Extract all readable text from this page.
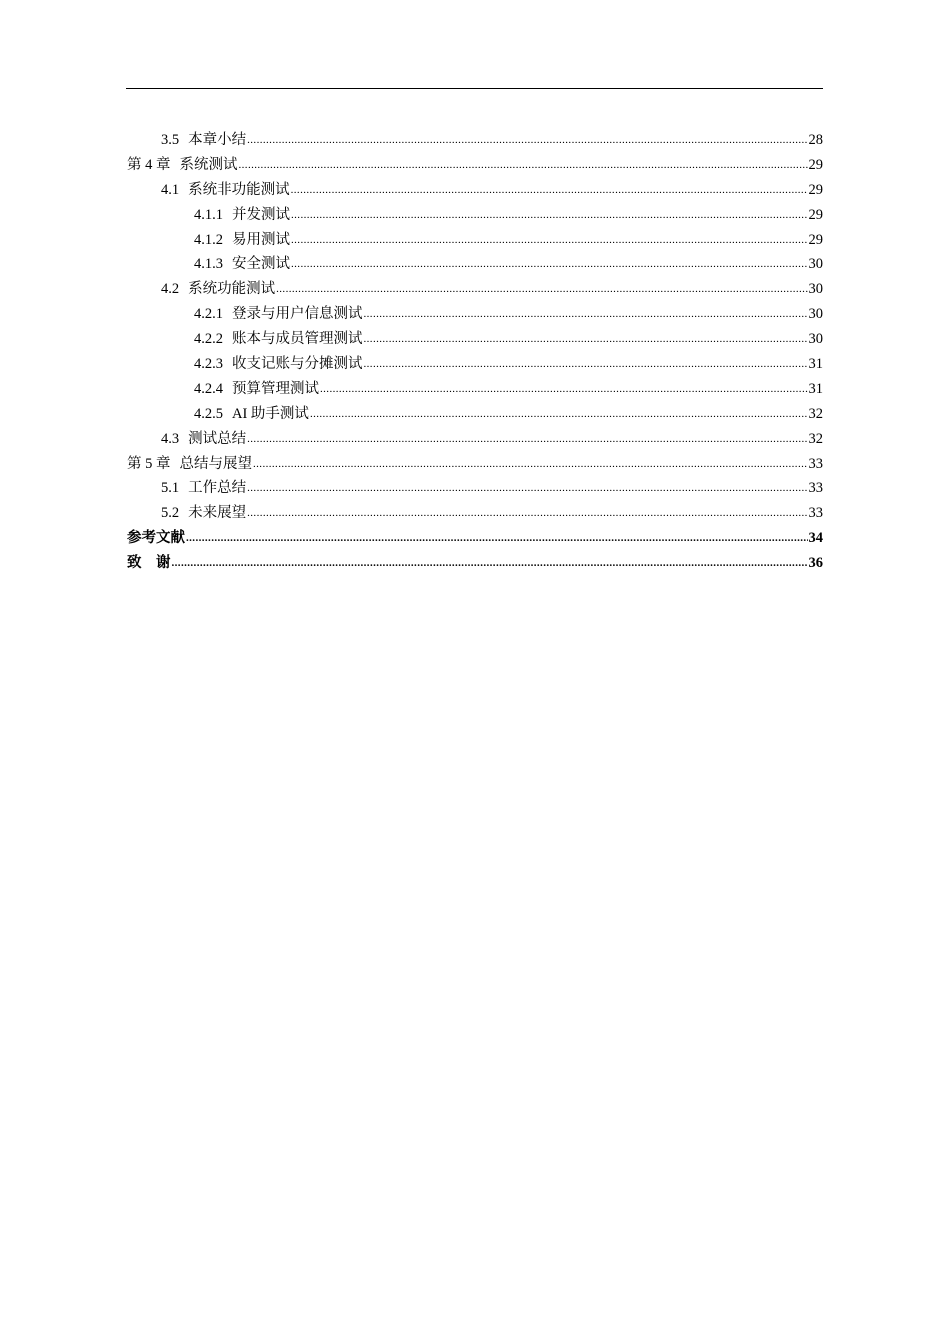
3.5 本章小结 .....	28
第 4 章 系统测试 .....	29
4.1 系统非功能测试 .....	29
4.1.1 并发测试 .....	29
4.1.2 易用测试 .....	29
4.1.3 安全测试 .....	30
4.2 系统功能测试 .....	30
4.2.1 登录与用户信息测试 .....	30
4.2.2 账本与成员管理测试 .....	30
4.2.3 收支记账与分摊测试 .....	31
4.2.4 预算管理测试 .....	31
4.2.5 AI 助手测试 .....	32
4.3 测试总结 .....	32
第 5 章 总结与展望 .....	33
5.1 工作总结 .....	33
5.2 未来展望 .....	33
参考文献 .....	34
致　谢 .....	36
